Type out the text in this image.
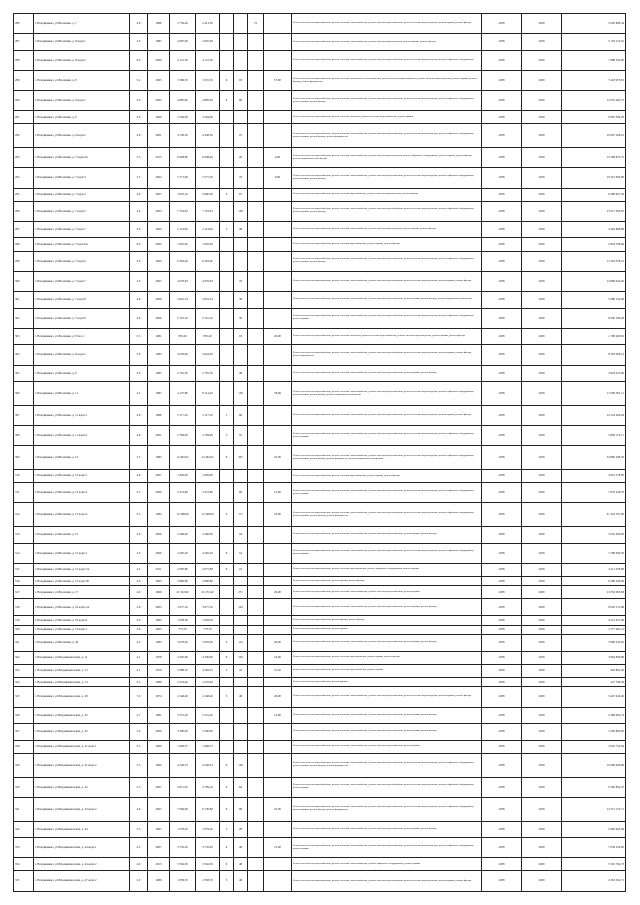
286	г. Владикавказ, ул.Весенняя, д. 7	4.8	1988	2 759,40	2 413,30			72		Ремонт системы электроснабжения, ремонт системы теплоснабжения, ремонт системы водоснабжения, ремонт системы водоотведения, ремонт крыши, ремонт фасада	2038	2039	5 945 686,34
287	г. Владикавказ, ул.Весенняя, д. 8 корп.1	4.0	1987	2 667,00	2 667,00					Ремонт системы электроснабжения, ремонт системы теплоснабжения, ремонт системы водоотведения, ремонт крыши, ремонт фасада	2038	2039	5 176 172,91
288	г. Владикавказ, ул.Весенняя, д. 8 корп.2	6.0	2009	4 121,30	4 121,30					Ремонт системы электроснабжения, ремонт системы теплоснабжения, ремонт системы водоснабжения, ремонт системы водоотведения, ремонт лифтового оборудования	2038	2039	7 888 322,00
289	г. Владикавказ, ул.Весенняя, д. 9	5.4	1995	3 396,70	3 255,50	6	93		57,00	Ремонт системы электроснабжения, ремонт системы отопления и теплоснабжения, ремонт системы водоснабжения, ремонт системы водоотведения, ремонт крыши, ремонт фасада, ремонт фундамента	2038	2039	7 418 973,81
290	г. Владикавказ, ул.Весенняя, д. 9 корп.1	4.0	2005	4 885,90	4 885,90	6	98			Ремонт системы электроснабжения, ремонт системы теплоснабжения, ремонт системы водоснабжения, ремонт системы водоотведения, ремонт лифтового оборудования, ремонт крыши, ремонт фасада	2038	2039	12 055 493,75
291	г. Владикавказ, ул.Весенняя, д. 9	4.0	2009	3 294,00	3 294,00					Ремонт системы электроснабжения, ремонт системы отопления, ремонт системы водоснабжения, ремонт крыши	2038	2039	6 967 309,20
292	г. Владикавказ, ул.Весенняя, д. 9 корп.2	4.8	2001	4 728,30	4 438,30		25			Ремонт системы электроснабжения, ремонт системы теплоснабжения, ремонт системы водоснабжения, ремонт системы водоотведения, ремонт лифтового оборудования, ремонт крыши, ремонт фасада, ремонт фундамента	2038	2039	10 907 296,91
293	г. Владикавказ, ул.Весенняя, д. 7 корп.2А	5.5	2013	8 908,80	6 908,40		29		4,00	Ремонт системы электроснабжения, ремонт системы теплоснабжения, ремонт системы водоотведения, ремонт лифтового оборудования, ремонт крыши, ремонт фасада, ремонт подвальных помещений	2038	2039	13 308 872,72
294	г. Владикавказ, ул.Весенняя, д. 7 корп.3	5.5	2004	5 771,90	5 577,50		76		9,00	Ремонт системы электроснабжения, ремонт системы теплоснабжения, ремонт системы водоснабжения, ремонт системы водоотведения, ремонт лифтового оборудования, ремонт крыши, ремонт фасада	2038	2039	10 351 900,00
295	г. Владикавказ, ул.Весенняя, д. 7 корп.4	4.0	2007	1 823,10	2 960,20	5	67			Ремонт системы электроснабжения, ремонт системы водоснабжения, ремонт системы водоотведения, ремонт крыши	2038	2039	6 498 907,56
296	г. Владикавказ, ул.Весенняя, д. 7 корп.5	4.0	2003	7 716,93	7 716,93		158			Ремонт системы электроснабжения, ремонт системы теплоснабжения, ремонт системы водоснабжения, ремонт системы водоотведения, ремонт лифтового оборудования, ремонт крыши, ремонт фасада	2038	2039	15 617 950,87
297	г. Владикавказ, ул.Весенняя, д. 7 корп.7	4.0	2004	2 114,99	2 114,99	5	48			Ремонт системы электроснабжения, ремонт системы теплоснабжения, ремонт системы водоотведения, ремонт крыши, ремонт фасада	2038	2039	4 492 868,80
298	г. Владикавказ, ул.Весенняя, д. 7 корп.9А	6.0	2004	1 081,00	1 081,00					Ремонт системы электроснабжения, ремонт системы водоснабжения, ремонт крыши, ремонт фасада	2038	2039	2 824 798,96
299	г. Владикавказ, ул.Весенняя, д. 7 корп.6	4.0	2004	6 363,40	6 363,40					Ремонт системы электроснабжения, ремонт системы теплоснабжения, ремонт системы водоснабжения, ремонт системы водоотведения, ремонт лифтового оборудования, ремонт крыши, ремонт фасада	2038	2039	11 218 378,41
300	г. Владикавказ, ул.Весенняя, д. 7 корп.7	4.0	2007	4 976,63	4 976,63		76			Ремонт системы электроснабжения, ремонт системы теплоснабжения, ремонт системы водоснабжения, ремонт системы водоотведения, ремонт крыши, ремонт фасада	2038	2039	14 866 942,92
301	г. Владикавказ, ул.Весенняя, д. 7 корп.8	4.8	2006	2 841,54	2 841,54		38			Ремонт системы электроснабжения, ремонт системы теплоснабжения, ремонт системы водоснабжения, ремонт крыши, ремонт фасада, ремонт подвальных помещений	2038	2039	5 986 154,99
302	г. Владикавказ, ул.Весенняя, д. 7 корп.9	4.8	2006	5 701,10	5 701,10		36			Ремонт системы электроснабжения, ремонт системы теплоснабжения, ремонт системы водоснабжения, ремонт системы водоотведения, ремонт лифтового оборудования, ремонт крыши	2038	2039	9 930 106,28
303	г. Владикавказ, ул.Весенняя, д. 8 бел.1	5.5	1981	835,20	835,20		18		20,00	Ремонт системы электроснабжения, ремонт системы отопления, ремонт системы водоснабжения, ремонт системы водоотведения, ремонт крыши, ремонт фасада	2038	2039	1 798 400,65
304	г. Владикавказ, ул.Весенняя, д. 8 корп.2	5.9	1985	4 045,90	3 644,20					Ремонт системы электроснабжения, ремонт системы теплоснабжения, ремонт системы водоснабжения, ремонт системы водоотведения, ремонт крыши, ремонт фасада, ремонт фундамента	2038	2039	8 393 656,14
305	г. Владикавказ, ул.Весенняя, д. 9	4.0	1985	2 781,50	2 781,50		48			Ремонт системы электроснабжения, ремонт системы теплоснабжения, ремонт системы водоснабжения, ремонт крыши, ремонт фасада	2038	2039	2 923 913,00
306	г. Владикавказ, ул.Весенняя, д. 11	4.5	1987	4 127,80	8 114,20		136		78,06	Ремонт системы электроснабжения, ремонт системы теплоснабжения, ремонт системы водоснабжения, ремонт системы водоотведения, ремонт лифтового оборудования, ремонт крыши, ремонт фасада, ремонт подвальных помещений	2038	2039	17 096 301,11
307	г. Владикавказ, ул.Весенняя, д. 11 корп.1	4.8	1988	5 117,20	5 117,20	5	66			Ремонт системы электроснабжения, ремонт системы теплоснабжения, ремонт системы водоснабжения, ремонт системы водоотведения, ремонт крыши, ремонт фасада	2038	2039	12 254 206,94
308	г. Владикавказ, ул.Весенняя, д. 11 корп.2	4.8	2001	2 784,90	2 784,90	5	55			Ремонт системы электроснабжения, ремонт системы теплоснабжения, ремонт системы водоснабжения, ремонт системы водоотведения, ремонт лифтового оборудования, ремонт крыши	2038	2039	5 884 172,17
309	г. Владикавказ, ул.Весенняя, д. 13	5.5	1985	12 492,02	12 492,02	9	307		25,00	Ремонт системы электроснабжения, ремонт системы теплоснабжения, ремонт системы водоснабжения, ремонт системы водоотведения, ремонт лифтового оборудования, ремонт крыши, ремонт фасада, ремонт фундамента, ремонт подвальных помещений	2038	2039	34 860 298,26
310	г. Владикавказ, ул.Весенняя, д. 13 корп.1	4.8	2007	1 826,90	1 826,90					Ремонт системы электроснабжения, ремонт системы водоснабжения, ремонт крыши, ремонт фасада	2038	2039	3 061 178,85
311	г. Владикавказ, ул.Весенняя, д. 13 корп.2	5.5	2006	3 431,80	3 431,80		69		12,00	Ремонт системы электроснабжения, ремонт системы теплоснабжения, ремонт системы водоснабжения, ремонт системы водоотведения, ремонт лифтового оборудования, ремонт крыши	2038	2039	7 970 228,79
312	г. Владикавказ, ул.Весенняя, д. 13 корп.4	5.5	1984	12 568,09	12 568,09	9	171		19,00	Ремонт системы электроснабжения, ремонт системы теплоснабжения, ремонт системы водоснабжения, ремонт системы водоотведения, ремонт лифтового оборудования, ремонт крыши, ремонт фасада, ремонт фундамента	2038	2039	21 343 767,00
313	г. Владикавказ, ул.Весенняя, д. 15	2.6	2006	2 466,00	2 466,00		44			Ремонт системы электроснабжения, ремонт системы теплоснабжения, ремонт системы водоснабжения, ремонт крыши, ремонт фасада	2038	2039	5 655 460,00
314	г. Владикавказ, ул.Весенняя, д. 15 корп.1	4.0	2006	4 265,20	4 265,20	9	54			Ремонт системы электроснабжения, ремонт системы теплоснабжения, ремонт системы водоснабжения, ремонт системы водоотведения, ремонт лифтового оборудования, ремонт крыши	2038	2039	7 308 590,56
315	г. Владикавказ, ул.Весенняя, д. 15 корп.7А	4.5	2011	2 085,80	2 077,80	9	24			Ремонт системы электроснабжения, ремонт системы водоснабжения, ремонт лифтового оборудования, ремонт крыши	2038	2039	3 411 078,90
316	г. Владикавказ, ул.Весенняя, д. 15 корп.7Б	4.0	2003	2 890,80	2 890,80					Ремонт системы электроснабжения, ремонт крыши, ремонт фасада	2038	2039	6 286 326,09
317	г. Владикавказ, ул.Весенняя, д. 17	4.0	1999	21 532,90	21 272,40		271		29,00	Ремонт системы электроснабжения, ремонт системы теплоснабжения, ремонт системы водоснабжения, ремонт крыши	2038	2039	13 352 095,68
318	г. Владикавказ, ул.Весенняя, д. 19 корп.1А	2.6	2003	3 977,16	3 977,16		144			Ремонт системы электроснабжения, ремонт системы теплоснабжения, ремонт системы водоснабжения, ремонт крыши, ремонт фасада	2038	2039	8 003 172,98
319	г. Владикавказ, ул.Весенняя, д. 19 корп.6	4.0	1992	1 658,50	1 658,50					Ремонт системы электроснабжения, ремонт крыши, ремонт фасада	2038	2039	4 221 617,09
320	г. Владикавказ, ул.Весенняя, д. 19 корп.1	2.6	2003	773,70	773,70					Ремонт системы электроснабжения, ремонт крыши	2038	2039	1 377 481,21
321	г. Владикавказ, ул.Весенняя, д. 40	4.2	1985	5 678,20	5 678,20	9	114		20,00	Ремонт системы электроснабжения, ремонт системы теплоснабжения, ремонт системы водоснабжения, ремонт крыши, ремонт фасада	2038	2039	3 989 235,92
322	г. Владикавказ, ул.Владикавказская, д. 11	4.1	1978	4 392,69	4 330,90	9	104		16,00	Ремонт системы электроснабжения, ремонт системы водоснабжения, ремонт крыши, ремонт фасада	2038	2039	3 964 830,86
323	г. Владикавказ, ул.Владикавказская, д. 13	4.1	1979	2 888,70	4 392,25	5	45		21,20	Ремонт системы электроснабжения, ремонт системы водоснабжения, ремонт крыши	2038	2039	994 801,20
324	г. Владикавказ, ул.Владикавказская, д. 14	4.5	1980	2 252,40	2 252,40					Ремонт системы электроснабжения, ремонт крыши	2038	2039	227 796,39
325	г. Владикавказ, ул.Владикавказская, д. 28	7.0	1974	2 246,46	2 248,46	5	48		26,00	Ремонт системы электроснабжения, ремонт системы теплоснабжения, ремонт системы водоснабжения, ремонт системы водоотведения, ремонт крыши, ремонт фасада	2038	2039	3 447 416,40
326	г. Владикавказ, ул.Владикавказская, д. 32	2.7	1981	3 331,20	3 331,20				14,00	Ремонт системы электроснабжения, ремонт системы теплоснабжения, ремонт системы водоснабжения, ремонт крыши, ремонт фасада	2038	2039	2 489 962,74
327	г. Владикавказ, ул.Владикавказская, д. 32	2.0	2009	3 300,00	3 300,00					Ремонт системы электроснабжения, ремонт системы теплоснабжения, ремонт системы водоснабжения, ремонт крыши, ремонт фасада	2038	2039	3 260 800,00
328	г. Владикавказ, ул.Владикавказская, д. 41 корп.1	5.5	1990	1 906,37	1 906,37					Ремонт системы электроснабжения, ремонт системы теплоснабжения, ремонт системы водоснабжения, ремонт крыши	2038	2039	3 005 752,64
329	г. Владикавказ, ул.Владикавказская, д. 41 корп.2	5.5	1990	4 546,53	4 546,53	9	126			Ремонт системы электроснабжения, ремонт системы теплоснабжения, ремонт системы водоснабжения, ремонт системы водоотведения, ремонт лифтового оборудования, ремонт крыши, ремонт фасада, ремонт фундамента	2038	2039	10 099 260,90
330	г. Владикавказ, ул.Владикавказская, д. 42	5.5	2007	4 611,50	2 799,16	9	84			Ремонт системы электроснабжения, ремонт системы теплоснабжения, ремонт системы водоснабжения, ремонт системы водоотведения, ремонт лифтового оборудования, ремонт крыши	2038	2039	9 582 852,47
331	г. Владикавказ, ул.Владикавказская, д. 43 корп.2	4.6	2007	7 084,90	6 730,80	9	98		25,00	Ремонт системы электроснабжения, ремонт системы теплоснабжения, ремонт системы водоснабжения, ремонт системы водоотведения, ремонт лифтового оборудования, ремонт крыши, ремонт фасада, ремонт фундамента	2038	2039	12 551 173,71
332	г. Владикавказ, ул.Владикавказская, д. 44	5.5	1997	1 078,20	1 078,20	5	28			Ремонт системы электроснабжения, ремонт системы теплоснабжения, ремонт системы водоснабжения, ремонт крыши, ремонт фасада	2038	2039	2 960 962,36
333	г. Владикавказ, ул.Владикавказская, д. 44 корп.1	4.5	2007	3 732,20	3 732,20	9	48		21,00	Ремонт системы электроснабжения, ремонт системы теплоснабжения, ремонт системы водоснабжения, ремонт системы водоотведения, ремонт лифтового оборудования, ремонт крыши	2038	2039	7 039 329,00
334	г. Владикавказ, ул.Владикавказская, д. 44 корп.2	4.0	2013	3 562,30	3 562,30	9	48			Ремонт системы электроснабжения, ремонт системы теплоснабжения, ремонт лифтового оборудования, ремонт крыши	2038	2039	5 561 794,73
335	г. Владикавказ, ул.Владикавказская, д. 47 корп.2	2.0	1986	1 858,70	1 858,70	5	48			Ремонт системы электроснабжения, ремонт системы теплоснабжения, ремонт системы водоснабжения, ремонт системы водоотведения, ремонт крыши, ремонт фасада	2038	2039	4 363 322,71
